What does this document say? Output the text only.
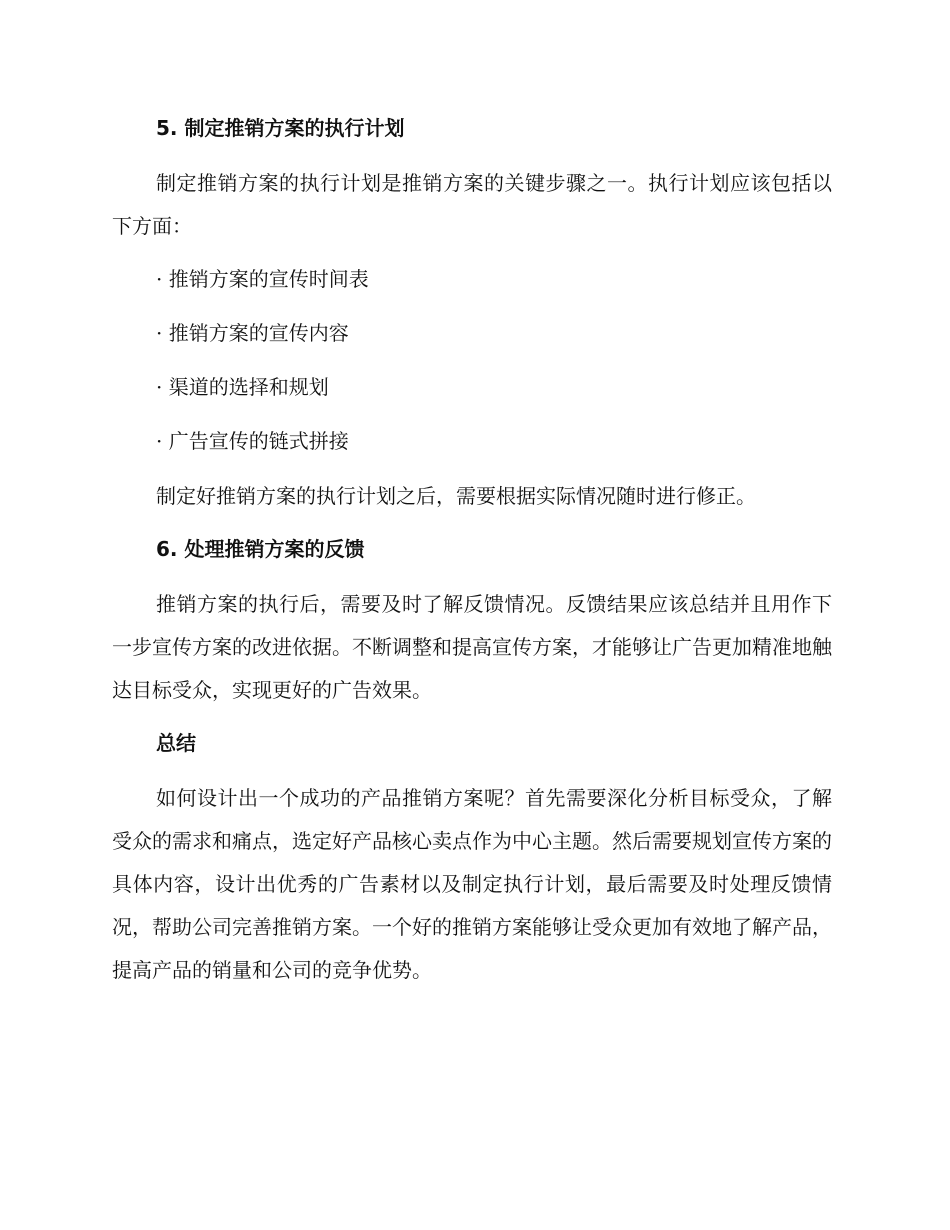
5. 制定推销方案的执行计划

制定推销方案的执行计划是推销方案的关键步骤之一。执行计划应该包括以下方面：

· 推销方案的宣传时间表
· 推销方案的宣传内容
· 渠道的选择和规划
· 广告宣传的链式拼接

制定好推销方案的执行计划之后，需要根据实际情况随时进行修正。

6. 处理推销方案的反馈

推销方案的执行后，需要及时了解反馈情况。反馈结果应该总结并且用作下一步宣传方案的改进依据。不断调整和提高宣传方案，才能够让广告更加精准地触达目标受众，实现更好的广告效果。

总结

如何设计出一个成功的产品推销方案呢？首先需要深化分析目标受众，了解受众的需求和痛点，选定好产品核心卖点作为中心主题。然后需要规划宣传方案的具体内容，设计出优秀的广告素材以及制定执行计划，最后需要及时处理反馈情况，帮助公司完善推销方案。一个好的推销方案能够让受众更加有效地了解产品，提高产品的销量和公司的竞争优势。
